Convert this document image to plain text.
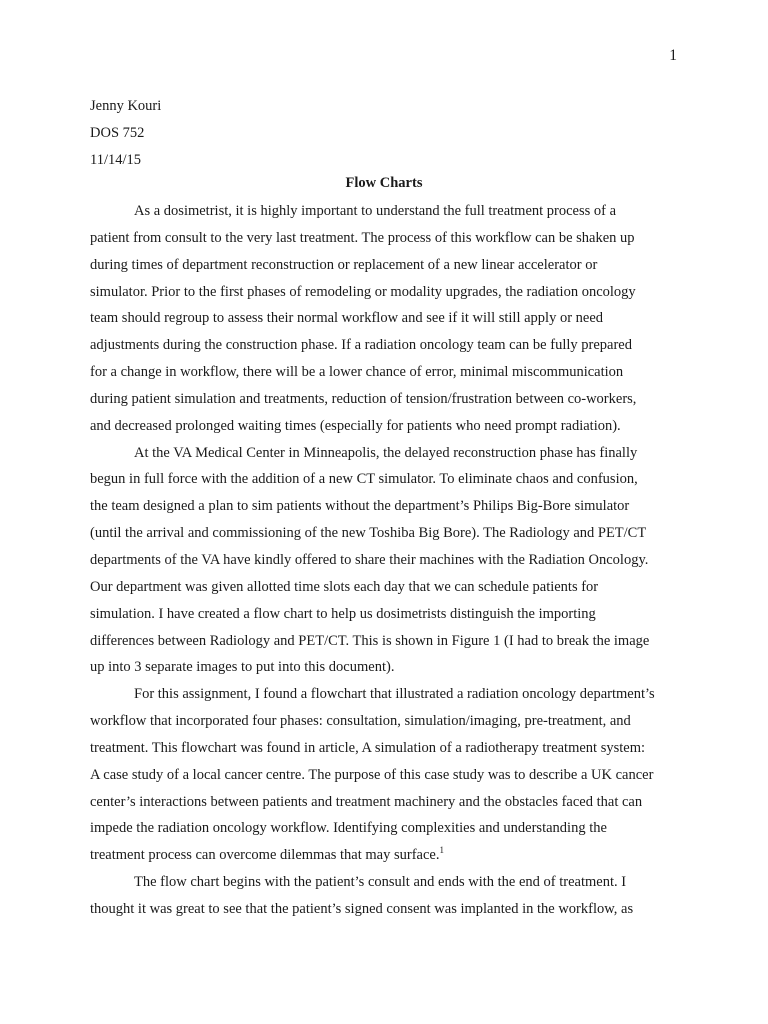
1
Jenny Kouri
DOS 752
11/14/15
Flow Charts
As a dosimetrist, it is highly important to understand the full treatment process of a
patient from consult to the very last treatment. The process of this workflow can be shaken up
during times of department reconstruction or replacement of a new linear accelerator or
simulator. Prior to the first phases of remodeling or modality upgrades, the radiation oncology
team should regroup to assess their normal workflow and see if it will still apply or need
adjustments during the construction phase. If a radiation oncology team can be fully prepared
for a change in workflow, there will be a lower chance of error, minimal miscommunication
during patient simulation and treatments, reduction of tension/frustration between co-workers,
and decreased prolonged waiting times (especially for patients who need prompt radiation).
At the VA Medical Center in Minneapolis, the delayed reconstruction phase has finally
begun in full force with the addition of a new CT simulator. To eliminate chaos and confusion,
the team designed a plan to sim patients without the department’s Philips Big-Bore simulator
(until the arrival and commissioning of the new Toshiba Big Bore). The Radiology and PET/CT
departments of the VA have kindly offered to share their machines with the Radiation Oncology.
Our department was given allotted time slots each day that we can schedule patients for
simulation. I have created a flow chart to help us dosimetrists distinguish the importing
differences between Radiology and PET/CT. This is shown in Figure 1 (I had to break the image
up into 3 separate images to put into this document).
For this assignment, I found a flowchart that illustrated a radiation oncology department’s
workflow that incorporated four phases: consultation, simulation/imaging, pre-treatment, and
treatment. This flowchart was found in article, A simulation of a radiotherapy treatment system:
A case study of a local cancer centre. The purpose of this case study was to describe a UK cancer
center’s interactions between patients and treatment machinery and the obstacles faced that can
impede the radiation oncology workflow. Identifying complexities and understanding the
treatment process can overcome dilemmas that may surface.$^1$
The flow chart begins with the patient’s consult and ends with the end of treatment. I
thought it was great to see that the patient’s signed consent was implanted in the workflow, as
